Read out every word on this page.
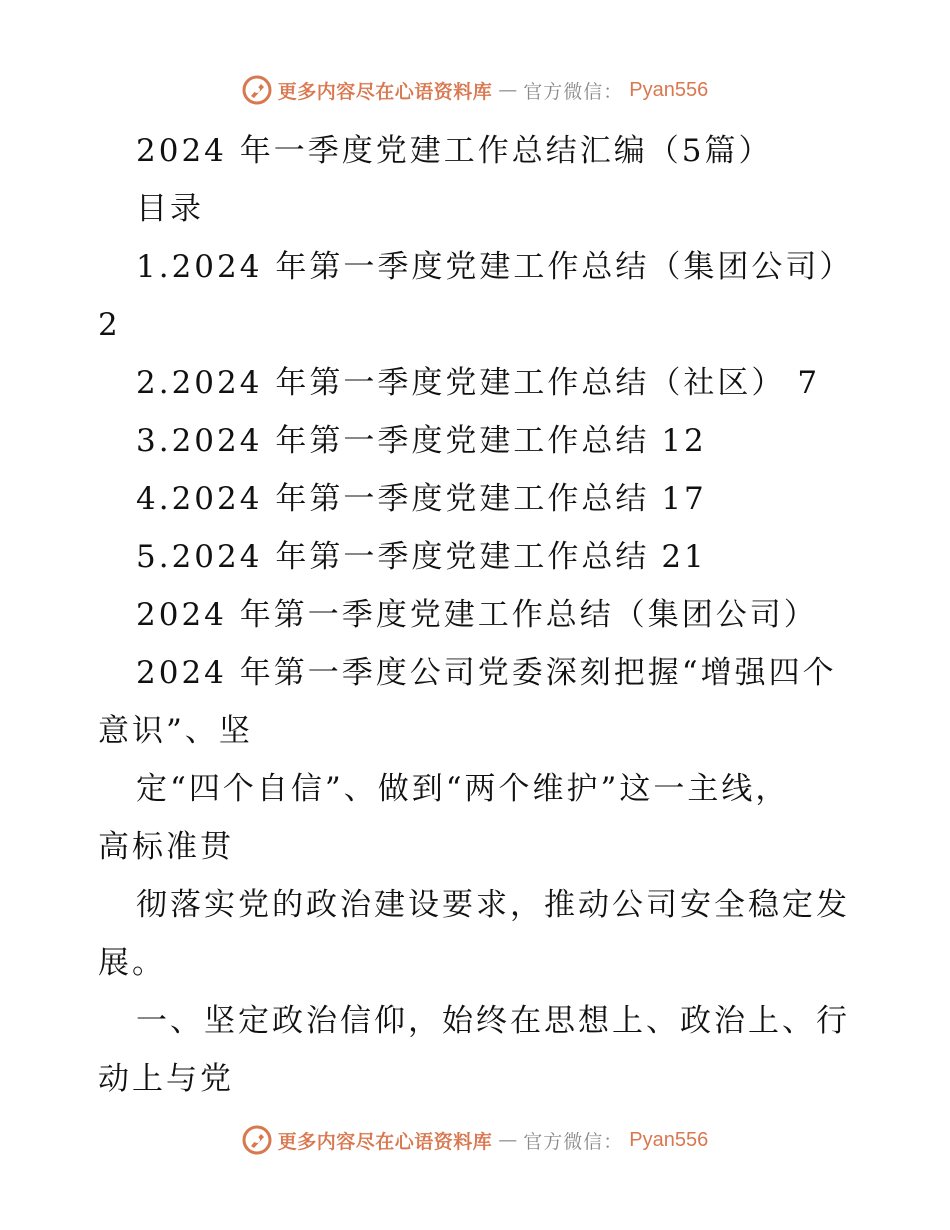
更多内容尽在心语资料库 — 官方微信： Pyan556
2024 年一季度党建工作总结汇编（5篇）
目录
1.2024 年第一季度党建工作总结（集团公司）
2
2.2024 年第一季度党建工作总结（社区） 7
3.2024 年第一季度党建工作总结 12
4.2024 年第一季度党建工作总结 17
5.2024 年第一季度党建工作总结 21
2024 年第一季度党建工作总结（集团公司）
2024 年第一季度公司党委深刻把握“增强四个
意识”、坚
定“四个自信”、做到“两个维护”这一主线，
高标准贯
彻落实党的政治建设要求，推动公司安全稳定发
展。
一、坚定政治信仰，始终在思想上、政治上、行
动上与党
更多内容尽在心语资料库 — 官方微信： Pyan556
